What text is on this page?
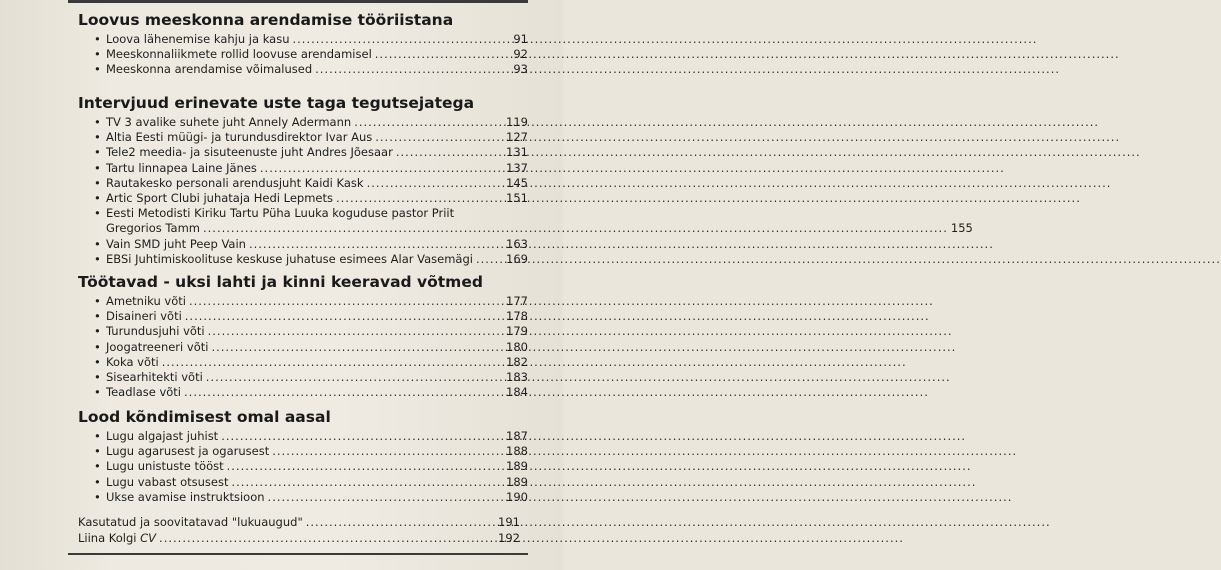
Loovus meeskonna arendamise tööriistana
• Loova lähenemise kahju ja kasu .....	91
• Meeskonnaliikmete rollid loovuse arendamisel .....	92
• Meeskonna arendamise võimalused .....	93
Intervjuud erinevate uste taga tegutsejatega
• TV 3 avalike suhete juht Annely Adermann .....	119
• Altia Eesti müügi- ja turundusdirektor Ivar Aus .....	127
• Tele2 meedia- ja sisuteenuste juht Andres Jõesaar .....	131
• Tartu linnapea Laine Jänes .....	137
• Rautakesko personali arendusjuht Kaidi Kask .....	145
• Artic Sport Clubi juhataja Hedi Lepmets .....	151
• Eesti Metodisti Kiriku Tartu Püha Luuka koguduse pastor Priit
Gregorios Tamm .....	155
• Vain SMD juht Peep Vain .....	163
• EBSi Juhtimiskoolituse keskuse juhatuse esimees Alar Vasemägi .....	169
Töötavad - uksi lahti ja kinni keeravad võtmed
• Ametniku võti .....	177
• Disaineri võti .....	178
• Turundusjuhi võti .....	179
• Joogatreeneri võti .....	180
• Koka võti .....	182
• Sisearhitekti võti .....	183
• Teadlase võti .....	184
Lood kõndimisest omal aasal
• Lugu algajast juhist .....	187
• Lugu agarusest ja ogarusest .....	188
• Lugu unistuste tööst .....	189
• Lugu vabast otsusest .....	189
• Ukse avamise instruktsioon .....	190
Kasutatud ja soovitatavad "lukuaugud" .....	191
Liina Kolgi CV .....	192
